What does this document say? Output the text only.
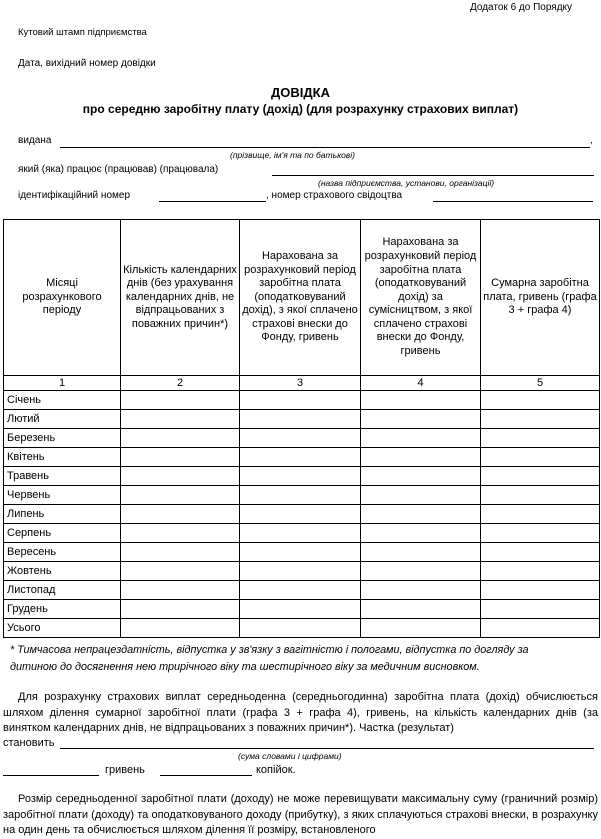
Додаток 6 до Порядку
Кутовий штамп підприємства
Дата, вихідний номер довідки
ДОВІДКА
про середню заробітну плату (дохід) (для розрахунку страхових виплат)
видана	,
(прізвище, ім'я та по батькові)
який (яка) працює (працював) (працювала)
(назва підприємства, установи, організації)
ідентифікаційний номер	, номер страхового свідоцтва
Місяці розрахункового періоду	Кількість календарних днів (без урахування календарних днів, не відпрацьованих з поважних причин*)	Нарахована за розрахунковий період заробітна плата (оподатковуваний дохід), з якої сплачено страхові внески до Фонду, гривень	Нарахована за розрахунковий період заробітна плата (оподатковуваний дохід) за сумісництвом, з якої сплачено страхові внески до Фонду, гривень	Сумарна заробітна плата, гривень (графа 3 + графа 4)
1	2	3	4	5
Січень				
Лютий				
Березень				
Квітень				
Травень				
Червень				
Липень				
Серпень				
Вересень				
Жовтень				
Листопад				
Грудень				
Усього				
* Тимчасова непрацездатність, відпустка у зв'язку з вагітністю і пологами, відпустка по догляду за дитиною до досягнення нею трирічного віку та шестирічного віку за медичним висновком.
Для розрахунку страхових виплат середньоденна (середньогодинна) заробітна плата (дохід) обчислюється шляхом ділення сумарної заробітної плати (графа 3 + графа 4), гривень, на кількість календарних днів (за винятком календарних днів, не відпрацьованих з поважних причин*). Частка (результат)
становить
(сума словами і цифрами)
гривень	копійок.
Розмір середньоденної заробітної плати (доходу) не може перевищувати максимальну суму (граничний розмір) заробітної плати (доходу) та оподатковуваного доходу (прибутку), з яких сплачуються страхові внески, в розрахунку на один день та обчислюється шляхом ділення її розміру, встановленого
